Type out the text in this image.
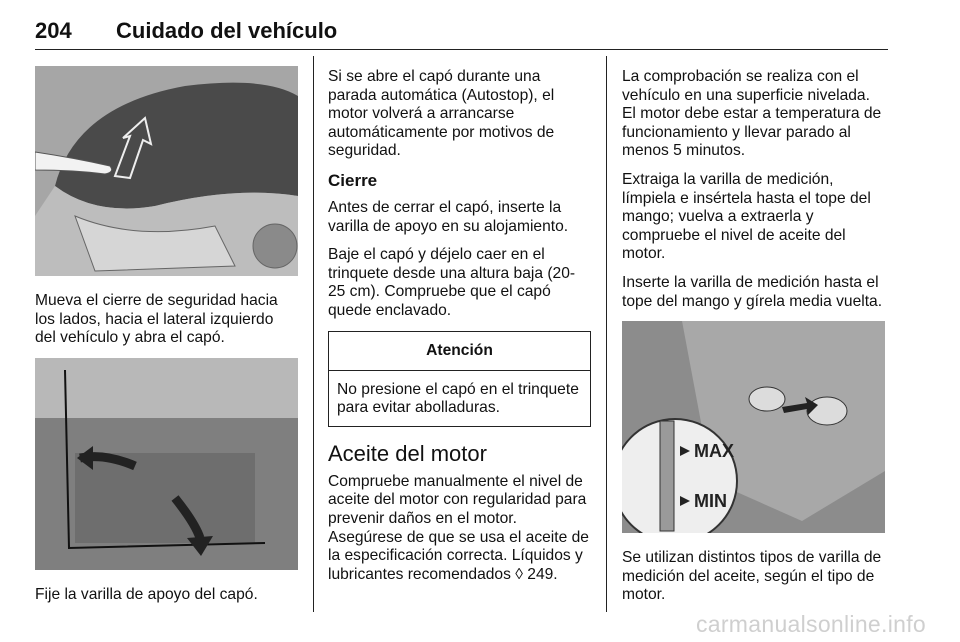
204 Cuidado del vehículo

Mueva el cierre de seguridad hacia los lados, hacia el lateral izquierdo del vehículo y abra el capó.

Fije la varilla de apoyo del capó.

Si se abre el capó durante una parada automática (Autostop), el motor volverá a arrancarse automáticamente por motivos de seguridad.

Cierre

Antes de cerrar el capó, inserte la varilla de apoyo en su alojamiento.

Baje el capó y déjelo caer en el trinquete desde una altura baja (20-25 cm). Compruebe que el capó quede enclavado.

Atención
No presione el capó en el trinquete para evitar abolladuras.
Aceite del motor

Compruebe manualmente el nivel de aceite del motor con regularidad para prevenir daños en el motor. Asegúrese de que se usa el aceite de la especificación correcta. Líquidos y lubricantes recomendados ◊ 249.

La comprobación se realiza con el vehículo en una superficie nivelada. El motor debe estar a temperatura de funcionamiento y llevar parado al menos 5 minutos.

Extraiga la varilla de medición, límpiela e insértela hasta el tope del mango; vuelva a extraerla y compruebe el nivel de aceite del motor.

Inserte la varilla de medición hasta el tope del mango y gírela media vuelta.

MAX
MIN

Se utilizan distintos tipos de varilla de medición del aceite, según el tipo de motor.

carmanualsonline.info
